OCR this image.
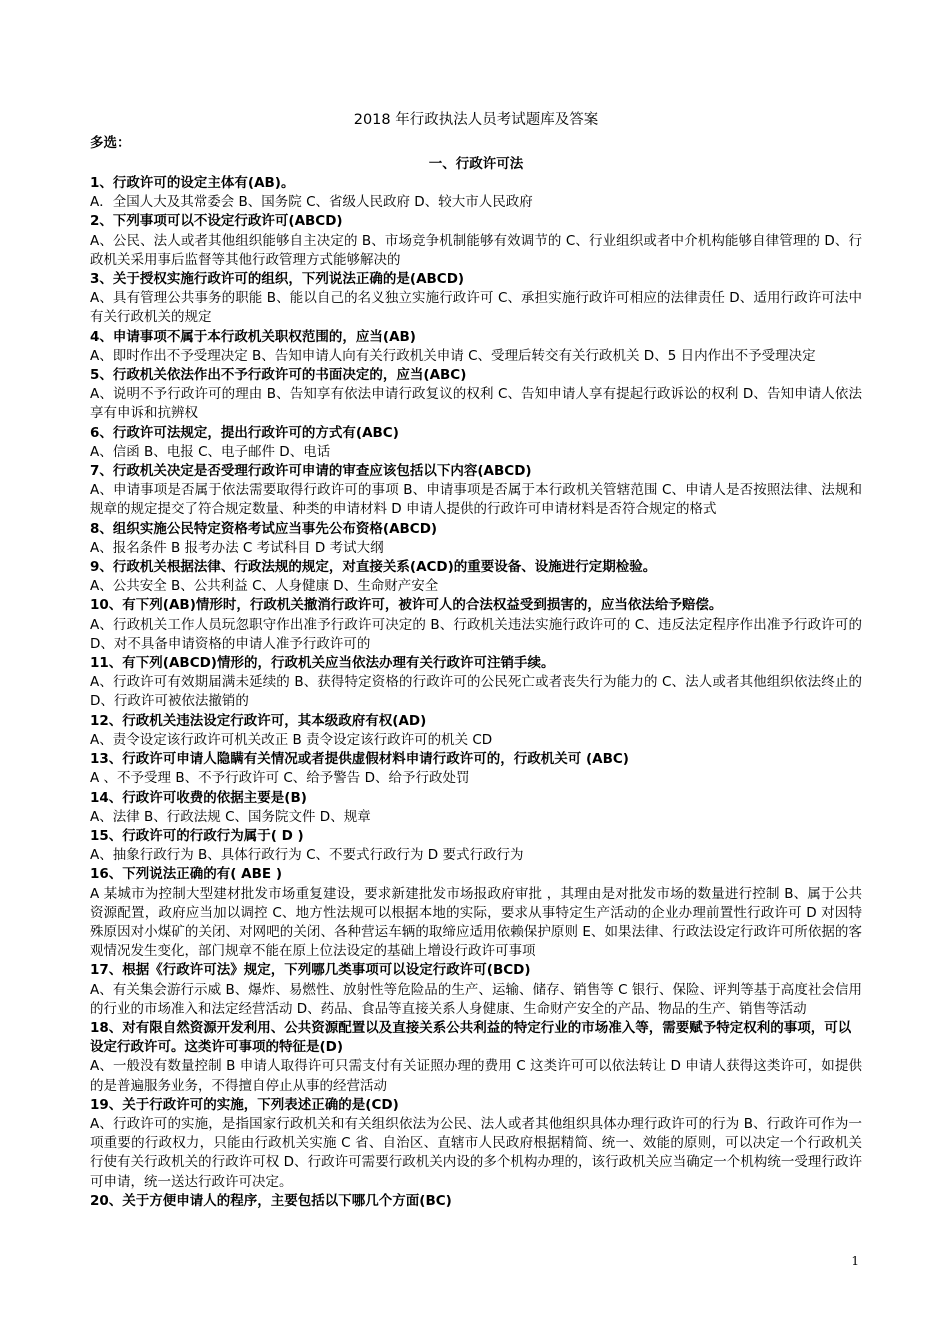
2018 年行政执法人员考试题库及答案
多选：
一、行政许可法

1、行政许可的设定主体有(AB)。

A．全国人大及其常委会 B、国务院 C、省级人民政府 D、较大市人民政府

2、下列事项可以不设定行政许可(ABCD)

A、公民、法人或者其他组织能够自主决定的 B、市场竞争机制能够有效调节的 C、行业组织或者中介机构能够自律管理的 D、行政机关采用事后监督等其他行政管理方式能够解决的

3、关于授权实施行政许可的组织，下列说法正确的是(ABCD)

A、具有管理公共事务的职能 B、能以自己的名义独立实施行政许可 C、承担实施行政许可相应的法律责任 D、适用行政许可法中有关行政机关的规定

4、申请事项不属于本行政机关职权范围的，应当(AB)

A、即时作出不予受理决定 B、告知申请人向有关行政机关申请 C、受理后转交有关行政机关 D、5 日内作出不予受理决定

5、行政机关依法作出不予行政许可的书面决定的，应当(ABC)

A、说明不予行政许可的理由 B、告知享有依法申请行政复议的权利 C、告知申请人享有提起行政诉讼的权利 D、告知申请人依法享有申诉和抗辨权

6、行政许可法规定，提出行政许可的方式有(ABC)

A、信函 B、电报 C、电子邮件 D、电话

7、行政机关决定是否受理行政许可申请的审查应该包括以下内容(ABCD)

A、申请事项是否属于依法需要取得行政许可的事项 B、申请事项是否属于本行政机关管辖范围 C、申请人是否按照法律、法规和规章的规定提交了符合规定数量、种类的申请材料 D 申请人提供的行政许可申请材料是否符合规定的格式

8、组织实施公民特定资格考试应当事先公布资格(ABCD)

A、报名条件 B 报考办法 C 考试科目 D 考试大纲

9、行政机关根据法律、行政法规的规定，对直接关系(ACD)的重要设备、设施进行定期检验。

A、公共安全 B、公共利益 C、人身健康 D、生命财产安全

10、有下列(AB)情形时，行政机关撤消行政许可，被许可人的合法权益受到损害的，应当依法给予赔偿。

A、行政机关工作人员玩忽职守作出准予行政许可决定的 B、行政机关违法实施行政许可的 C、违反法定程序作出准予行政许可的 D、对不具备申请资格的申请人准予行政许可的

11、有下列(ABCD)情形的，行政机关应当依法办理有关行政许可注销手续。

A、行政许可有效期届满未延续的 B、获得特定资格的行政许可的公民死亡或者丧失行为能力的 C、法人或者其他组织依法终止的 D、行政许可被依法撤销的

12、行政机关违法设定行政许可，其本级政府有权(AD)

A、责令设定该行政许可机关改正 B 责令设定该行政许可的机关 CD

13、行政许可申请人隐瞒有关情况或者提供虚假材料申请行政许可的，行政机关可 (ABC)

A 、不予受理 B、不予行政许可 C、给予警告 D、给予行政处罚

14、行政许可收费的依据主要是(B)

A、法律 B、行政法规 C、国务院文件 D、规章

15、行政许可的行政行为属于( D )

A、抽象行政行为 B、具体行政行为 C、不要式行政行为 D 要式行政行为

16、下列说法正确的有( ABE )

A 某城市为控制大型建材批发市场重复建设，要求新建批发市场报政府审批 ，其理由是对批发市场的数量进行控制 B、属于公共资源配置，政府应当加以调控 C、地方性法规可以根据本地的实际，要求从事特定生产活动的企业办理前置性行政许可 D 对因特殊原因对小煤矿的关闭、对网吧的关闭、各种营运车辆的取缔应适用依赖保护原则 E、如果法律、行政法设定行政许可所依据的客观情况发生变化，部门规章不能在原上位法设定的基础上增设行政许可事项

17、根据《行政许可法》规定，下列哪几类事项可以设定行政许可(BCD)

A、有关集会游行示威 B、爆炸、易燃性、放射性等危险品的生产、运输、储存、销售等 C 银行、保险、评判等基于高度社会信用的行业的市场准入和法定经营活动 D、药品、食品等直接关系人身健康、生命财产安全的产品、物品的生产、销售等活动

18、对有限自然资源开发利用、公共资源配置以及直接关系公共利益的特定行业的市场准入等，需要赋予特定权利的事项，可以设定行政许可。这类许可事项的特征是(D)

A、一般没有数量控制 B 申请人取得许可只需支付有关证照办理的费用 C 这类许可可以依法转让 D 申请人获得这类许可，如提供的是普遍服务业务，不得擅自停止从事的经营活动

19、关于行政许可的实施，下列表述正确的是(CD)

A、行政许可的实施，是指国家行政机关和有关组织依法为公民、法人或者其他组织具体办理行政许可的行为 B、行政许可作为一项重要的行政权力，只能由行政机关实施 C 省、自治区、直辖市人民政府根据精简、统一、效能的原则，可以决定一个行政机关行使有关行政机关的行政许可权 D、行政许可需要行政机关内设的多个机构办理的，该行政机关应当确定一个机构统一受理行政许可申请，统一送达行政许可决定。

20、关于方便申请人的程序，主要包括以下哪几个方面(BC)

1
